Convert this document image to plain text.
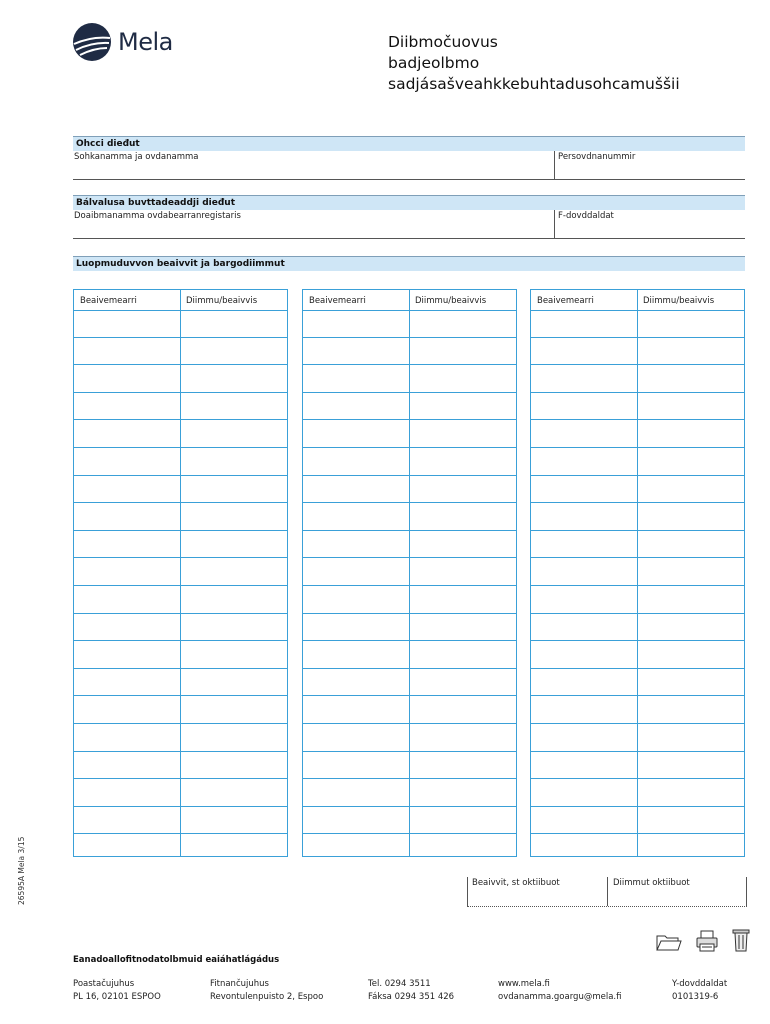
Mela	Diibmočuovus
badjeolbmo sadjásašveahkkebuhtadusohcamuššii
Ohcci dieđut
Sohkanamma ja ovdanamma	Persovdnanummir
Bálvalusa buvttadeaddji dieđut
Doaibmanamma ovdabearranregistaris	F-dovddaldat
Luopmuduvvon beaivvit ja bargodiimmut
Beaivemearri	Diimmu/beaivvis	Beaivemearri	Diimmu/beaivvis	Beaivemearri	Diimmu/beaivvis
Beaivvit, st oktiibuot	Diimmut oktiibuot
26595A Mela 3/15
Eanadoallofitnodatolbmuid eaiáhatlágádus
Poastačujuhus
PL 16, 02101 ESPOO
Fitnančujuhus
Revontulenpuisto 2, Espoo
Tel. 0294 3511
Fáksa 0294 351 426
www.mela.fi
ovdanamma.goargu@mela.fi
Y-dovddaldat
0101319-6
